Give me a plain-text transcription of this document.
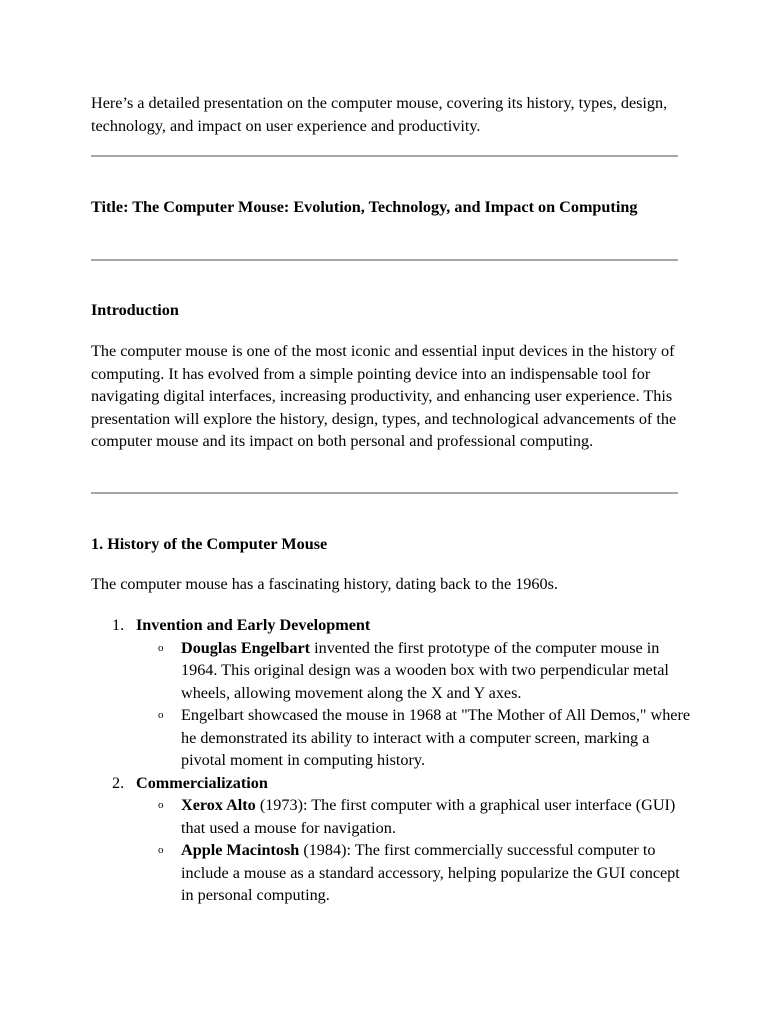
Here’s a detailed presentation on the computer mouse, covering its history, types, design, technology, and impact on user experience and productivity.

Title: The Computer Mouse: Evolution, Technology, and Impact on Computing

Introduction

The computer mouse is one of the most iconic and essential input devices in the history of computing. It has evolved from a simple pointing device into an indispensable tool for navigating digital interfaces, increasing productivity, and enhancing user experience. This presentation will explore the history, design, types, and technological advancements of the computer mouse and its impact on both personal and professional computing.

1. History of the Computer Mouse

The computer mouse has a fascinating history, dating back to the 1960s.

1. Invention and Early Development
o	Douglas Engelbart invented the first prototype of the computer mouse in 1964. This original design was a wooden box with two perpendicular metal wheels, allowing movement along the X and Y axes.
o	Engelbart showcased the mouse in 1968 at "The Mother of All Demos," where he demonstrated its ability to interact with a computer screen, marking a pivotal moment in computing history.
2. Commercialization
o	Xerox Alto (1973): The first computer with a graphical user interface (GUI) that used a mouse for navigation.
o	Apple Macintosh (1984): The first commercially successful computer to include a mouse as a standard accessory, helping popularize the GUI concept in personal computing.
